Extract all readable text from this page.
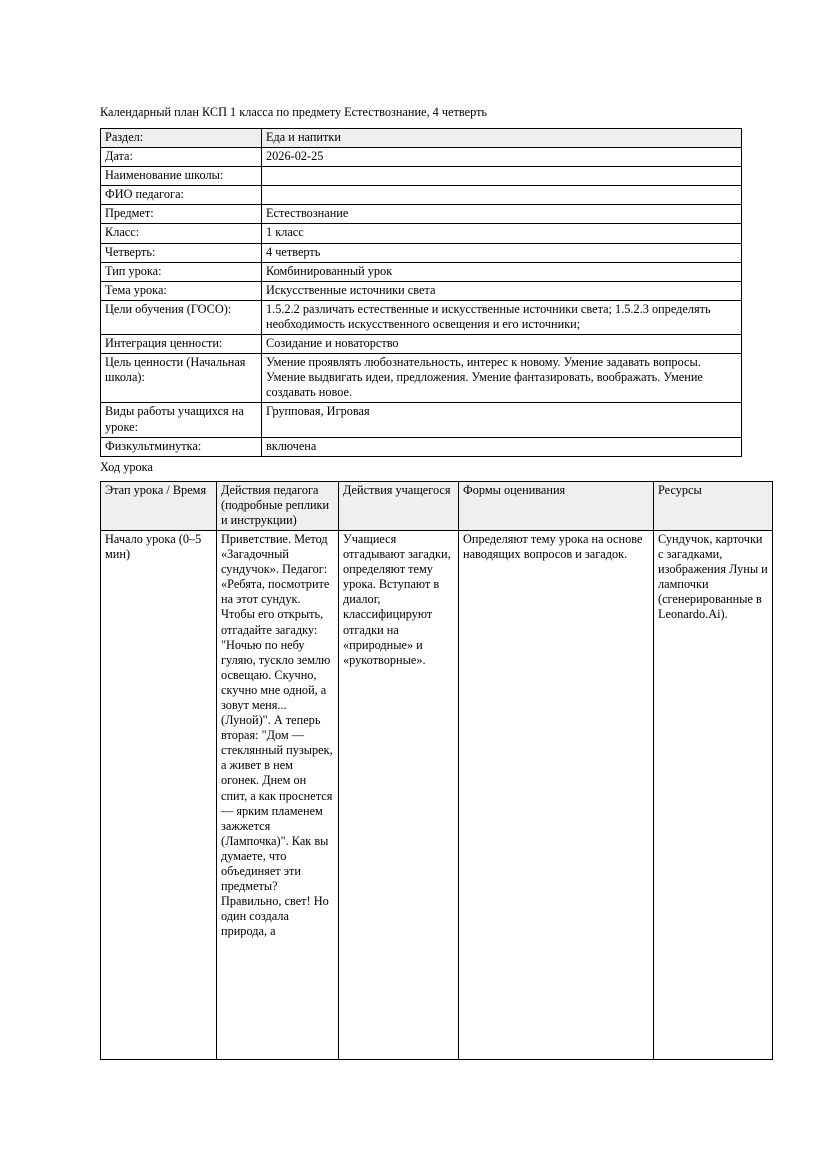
Календарный план КСП 1 класса по предмету Естествознание, 4 четверть
Раздел:	Еда и напитки
Дата:	2026-02-25
Наименование школы:	
ФИО педагога:	
Предмет:	Естествознание
Класс:	1 класс
Четверть:	4 четверть
Тип урока:	Комбинированный урок
Тема урока:	Искусственные источники света
Цели обучения (ГОСО):	1.5.2.2 различать естественные и искусственные источники света; 1.5.2.3 определять необходимость искусственного освещения и его источники;
Интеграция ценности:	Созидание и новаторство
Цель ценности (Начальная школа):	Умение проявлять любознательность, интерес к новому. Умение задавать вопросы. Умение выдвигать идеи, предложения. Умение фантазировать, воображать. Умение создавать новое.
Виды работы учащихся на уроке:	Групповая, Игровая
Физкультминутка:	включена
Ход урока
Этап урока / Время	Действия педагога (подробные реплики и инструкции)	Действия учащегося	Формы оценивания	Ресурсы

Начало урока (0–5 мин)	Приветствие. Метод «Загадочный сундучок». Педагог: «Ребята, посмотрите на этот сундук. Чтобы его открыть, отгадайте загадку: "Ночью по небу гуляю, тускло землю освещаю. Скучно, скучно мне одной, а зовут меня... (Луной)". А теперь вторая: "Дом — стеклянный пузырек, а живет в нем огонек. Днем он спит, а как проснется — ярким пламенем зажжется (Лампочка)". Как вы думаете, что объединяет эти предметы? Правильно, свет! Но один создала природа, а	Учащиеся отгадывают загадки, определяют тему урока. Вступают в диалог, классифицируют отгадки на «природные» и «рукотворные».	Определяют тему урока на основе наводящих вопросов и загадок.	Сундучок, карточки с загадками, изображения Луны и лампочки (сгенерированные в Leonardo.Ai).
